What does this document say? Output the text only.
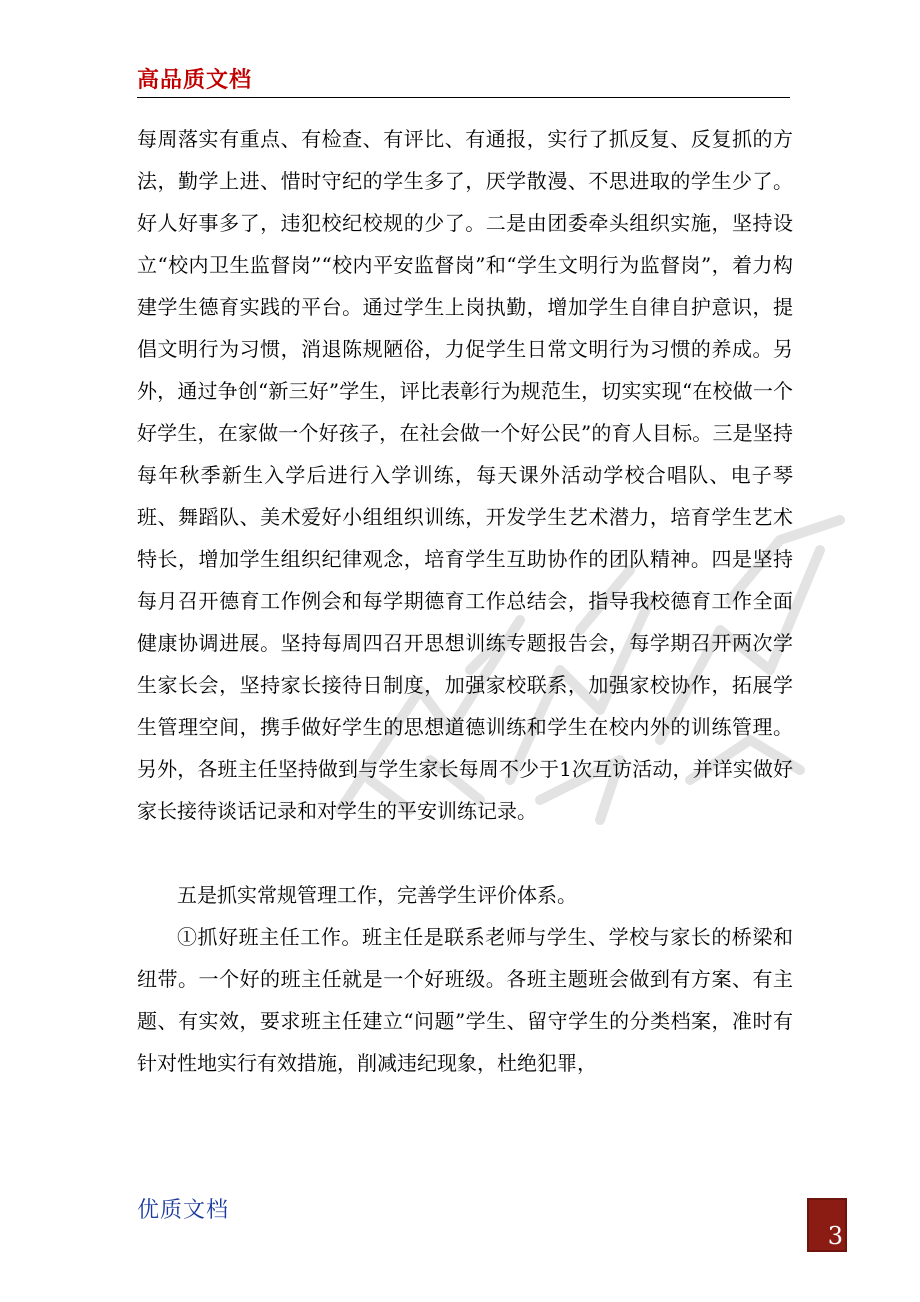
高品质文档

每周落实有重点、有检查、有评比、有通报，实行了抓反复、反复抓的方法，勤学上进、惜时守纪的学生多了，厌学散漫、不思进取的学生少了。好人好事多了，违犯校纪校规的少了。二是由团委牵头组织实施，坚持设立“校内卫生监督岗”“校内平安监督岗”和“学生文明行为监督岗”，着力构建学生德育实践的平台。通过学生上岗执勤，增加学生自律自护意识，提倡文明行为习惯，消退陈规陋俗，力促学生日常文明行为习惯的养成。另外，通过争创“新三好”学生，评比表彰行为规范生，切实实现“在校做一个好学生，在家做一个好孩子，在社会做一个好公民”的育人目标。三是坚持每年秋季新生入学后进行入学训练，每天课外活动学校合唱队、电子琴班、舞蹈队、美术爱好小组组织训练，开发学生艺术潜力，培育学生艺术特长，增加学生组织纪律观念，培育学生互助协作的团队精神。四是坚持每月召开德育工作例会和每学期德育工作总结会，指导我校德育工作全面健康协调进展。坚持每周四召开思想训练专题报告会，每学期召开两次学生家长会，坚持家长接待日制度，加强家校联系，加强家校协作，拓展学生管理空间，携手做好学生的思想道德训练和学生在校内外的训练管理。另外，各班主任坚持做到与学生家长每周不少于1次互访活动，并详实做好家长接待谈话记录和对学生的平安训练记录。

五是抓实常规管理工作，完善学生评价体系。

①抓好班主任工作。班主任是联系老师与学生、学校与家长的桥梁和纽带。一个好的班主任就是一个好班级。各班主题班会做到有方案、有主题、有实效，要求班主任建立“问题”学生、留守学生的分类档案，准时有针对性地实行有效措施，削减违纪现象，杜绝犯罪，

优质文档
3
